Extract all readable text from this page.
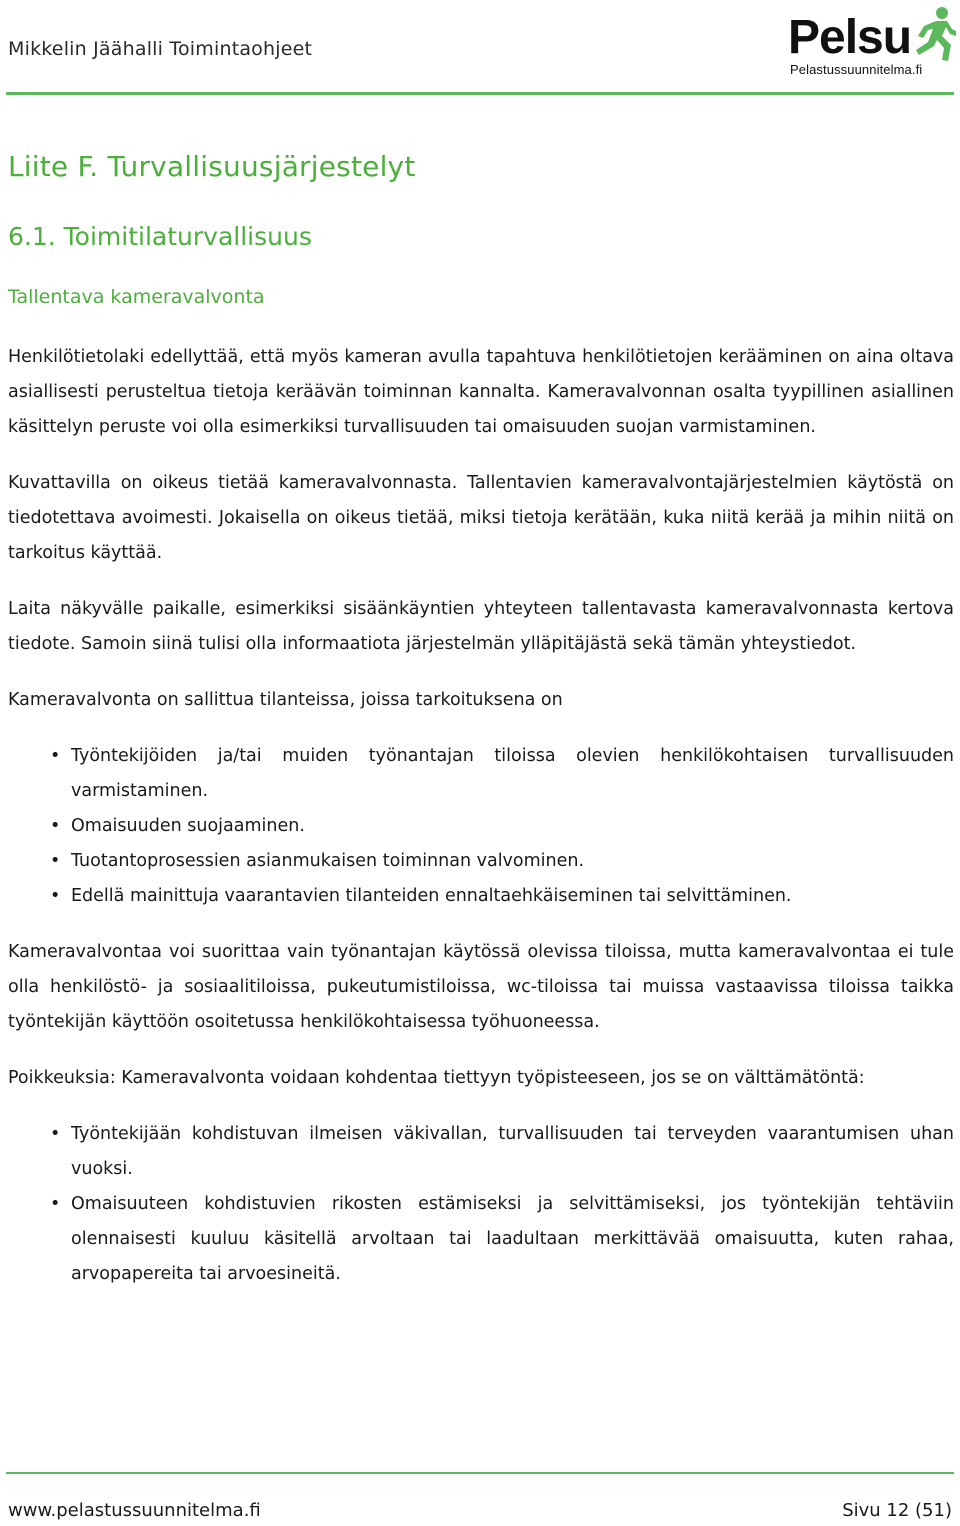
Mikkelin Jäähalli Toimintaohjeet	Pelsu
Pelastussuunnitelma.fi
Liite F. Turvallisuusjärjestelyt
6.1. Toimitilaturvallisuus
Tallentava kameravalvonta

Henkilötietolaki edellyttää, että myös kameran avulla tapahtuva henkilötietojen kerääminen on aina oltava asiallisesti perusteltua tietoja keräävän toiminnan kannalta. Kameravalvonnan osalta tyypillinen asiallinen käsittelyn peruste voi olla esimerkiksi turvallisuuden tai omaisuuden suojan varmistaminen.

Kuvattavilla on oikeus tietää kameravalvonnasta. Tallentavien kameravalvontajärjestelmien käytöstä on tiedotettava avoimesti. Jokaisella on oikeus tietää, miksi tietoja kerätään, kuka niitä kerää ja mihin niitä on tarkoitus käyttää.

Laita näkyvälle paikalle, esimerkiksi sisäänkäyntien yhteyteen tallentavasta kameravalvonnasta kertova tiedote. Samoin siinä tulisi olla informaatiota järjestelmän ylläpitäjästä sekä tämän yhteystiedot.

Kameravalvonta on sallittua tilanteissa, joissa tarkoituksena on

• Työntekijöiden ja/tai muiden työnantajan tiloissa olevien henkilökohtaisen turvallisuuden varmistaminen.
• Omaisuuden suojaaminen.
• Tuotantoprosessien asianmukaisen toiminnan valvominen.
• Edellä mainittuja vaarantavien tilanteiden ennaltaehkäiseminen tai selvittäminen.

Kameravalvontaa voi suorittaa vain työnantajan käytössä olevissa tiloissa, mutta kameravalvontaa ei tule olla henkilöstö- ja sosiaalitiloissa, pukeutumistiloissa, wc-tiloissa tai muissa vastaavissa tiloissa taikka työntekijän käyttöön osoitetussa henkilökohtaisessa työhuoneessa.

Poikkeuksia: Kameravalvonta voidaan kohdentaa tiettyyn työpisteeseen, jos se on välttämätöntä:

• Työntekijään kohdistuvan ilmeisen väkivallan, turvallisuuden tai terveyden vaarantumisen uhan vuoksi.
• Omaisuuteen kohdistuvien rikosten estämiseksi ja selvittämiseksi, jos työntekijän tehtäviin olennaisesti kuuluu käsitellä arvoltaan tai laadultaan merkittävää omaisuutta, kuten rahaa, arvopapereita tai arvoesineitä.
www.pelastussuunnitelma.fi	Sivu 12 (51)
